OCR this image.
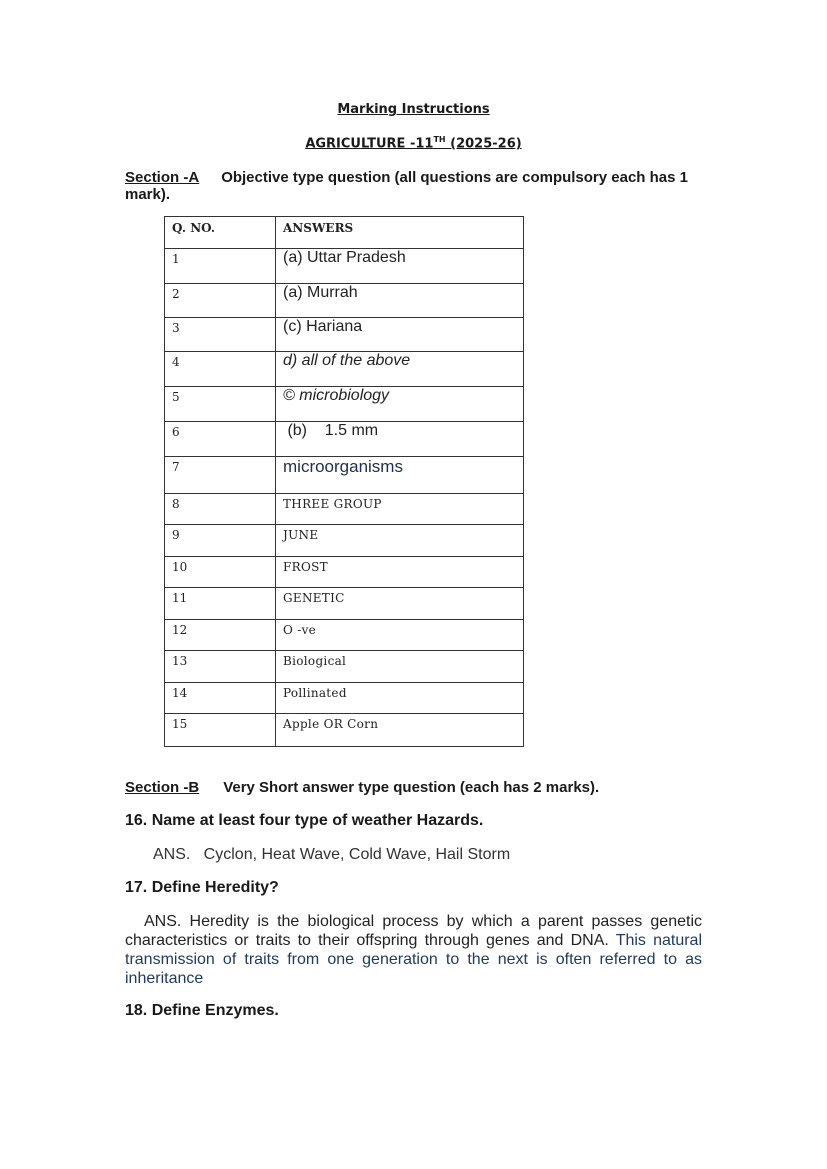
Marking Instructions
AGRICULTURE -11TH (2025-26)
Section -A Objective type question (all questions are compulsory each has 1 mark).
Q. NO.	ANSWERS
1	(a) Uttar Pradesh
2	(a) Murrah
3	(c) Hariana
4	d) all of the above
5	© microbiology
6	(b)    1.5 mm
7	microorganisms
8	THREE GROUP
9	JUNE
10	FROST
11	GENETIC
12	O -ve
13	Biological
14	Pollinated
15	Apple OR Corn
Section -B Very Short answer type question (each has 2 marks).
16. Name at least four type of weather Hazards.
ANS.   Cyclon, Heat Wave, Cold Wave, Hail Storm
17. Define Heredity?
ANS. Heredity is the biological process by which a parent passes genetic characteristics or traits to their offspring through genes and DNA. This natural transmission of traits from one generation to the next is often referred to as inheritance
18. Define Enzymes.
